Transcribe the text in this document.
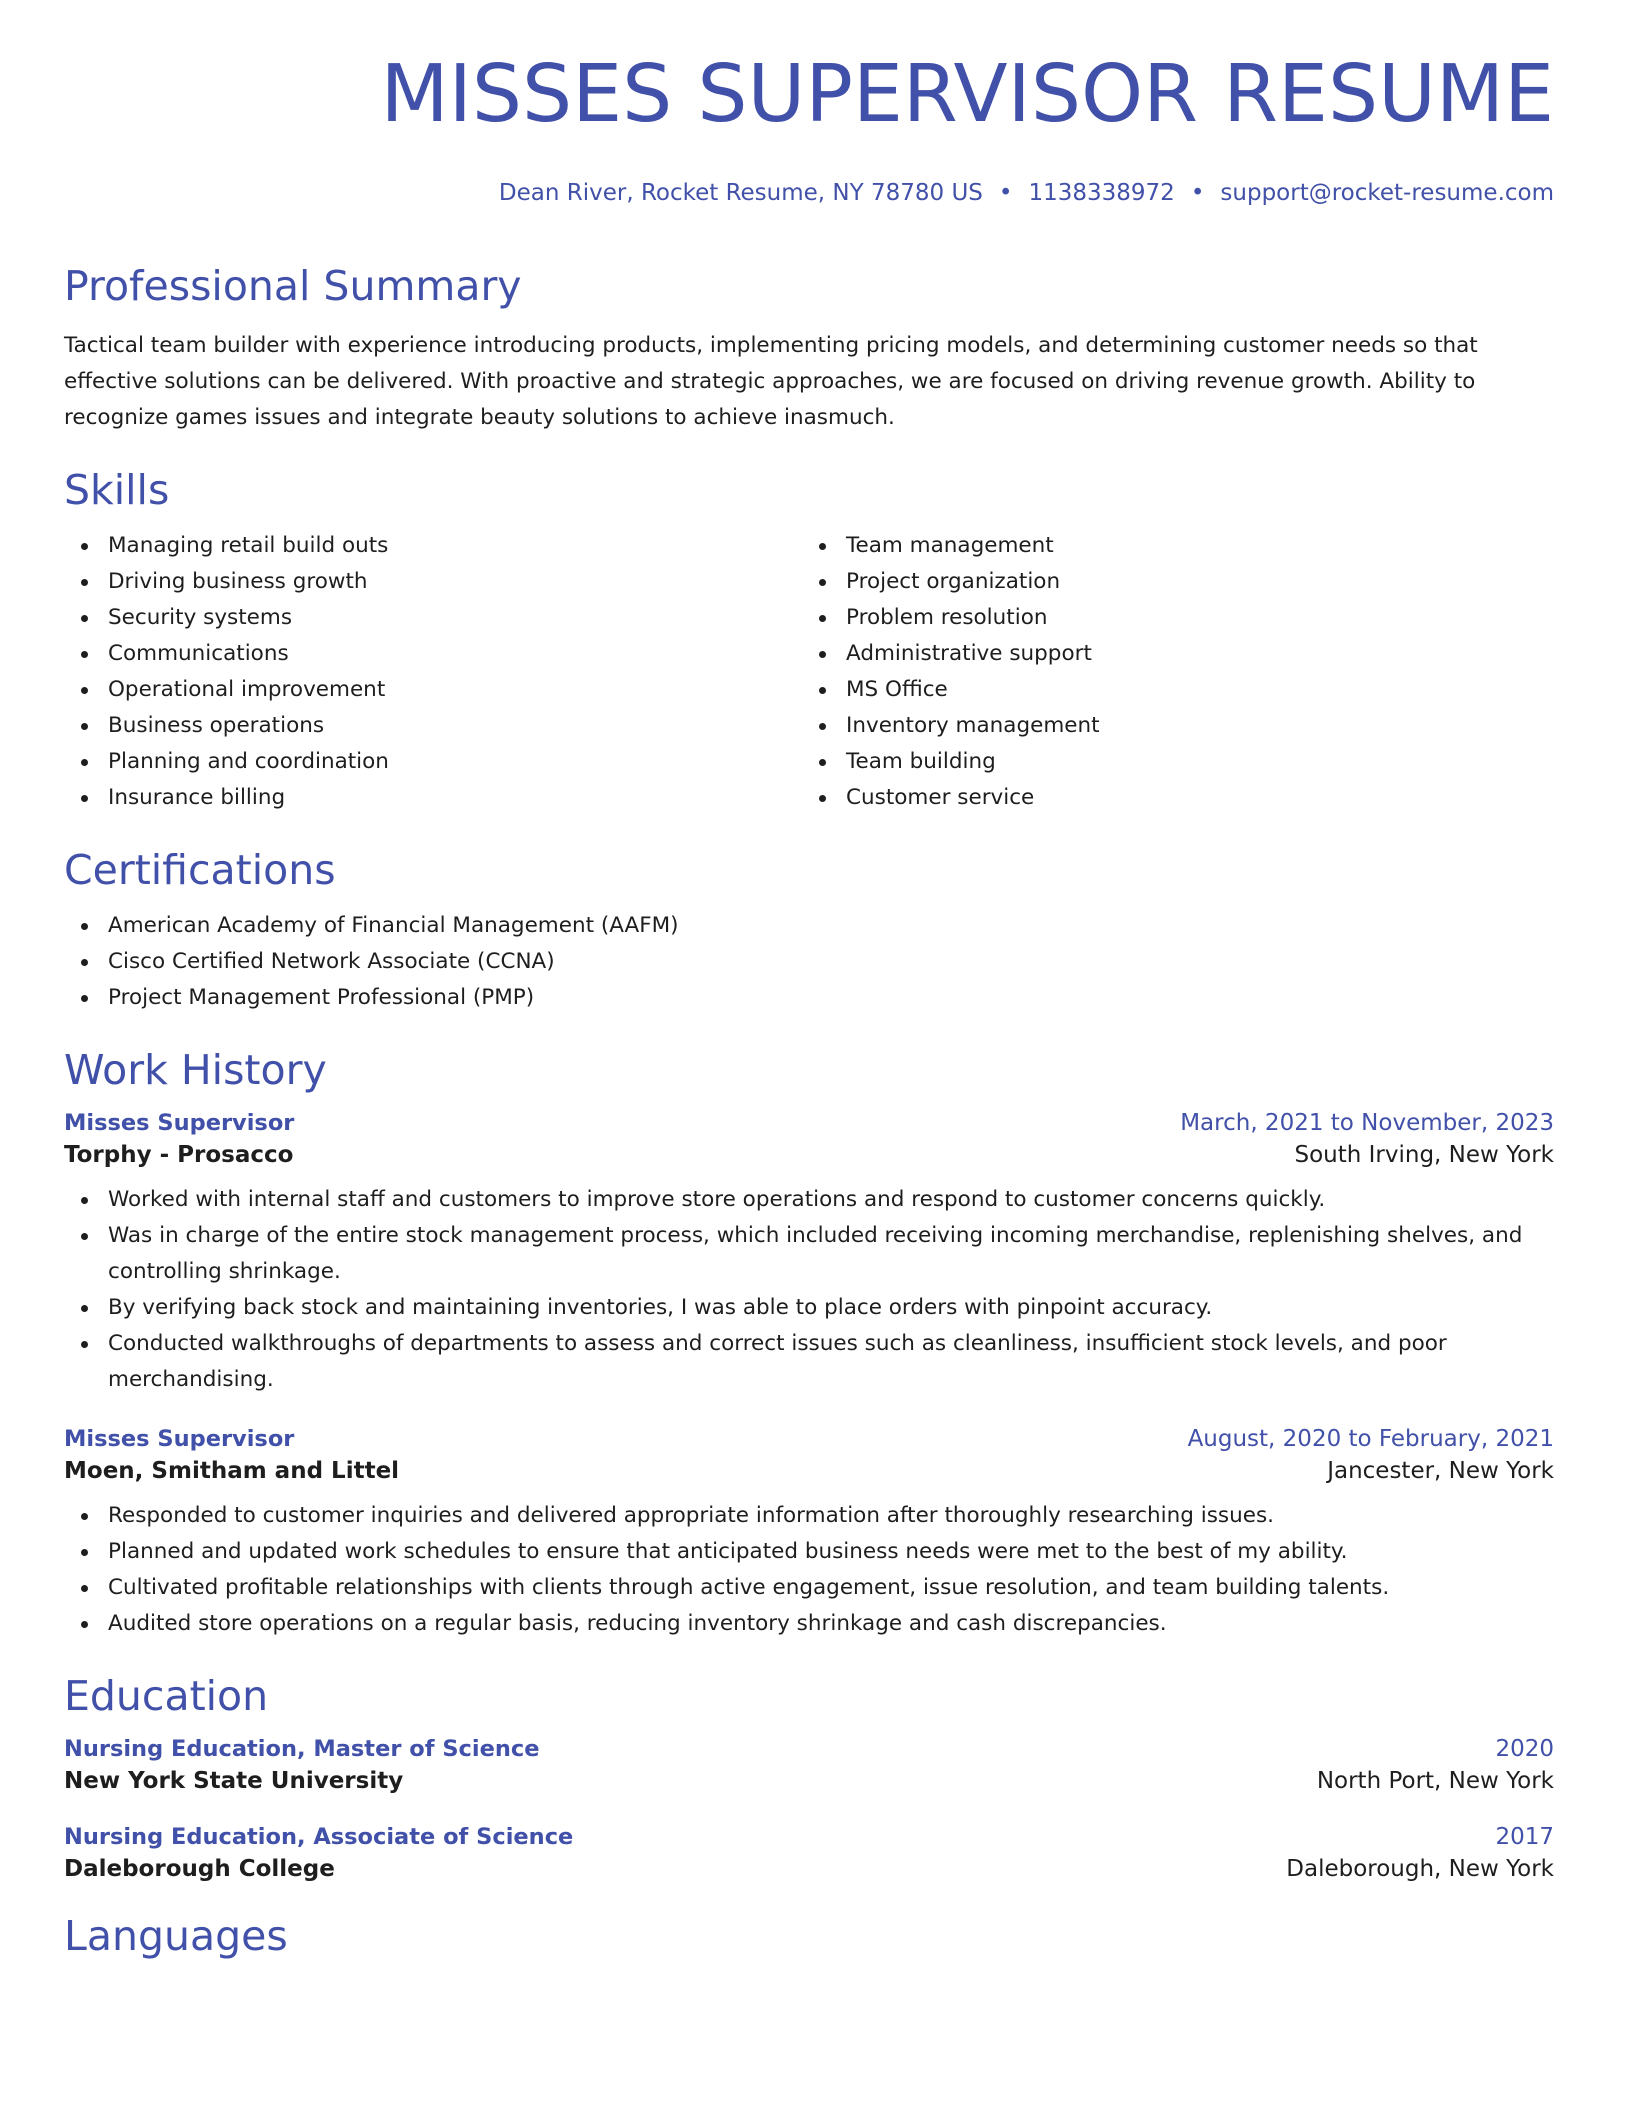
MISSES SUPERVISOR RESUME
Dean River, Rocket Resume, NY 78780 US • 1138338972 • support@rocket-resume.com
Professional Summary

Tactical team builder with experience introducing products, implementing pricing models, and determining customer needs so that effective solutions can be delivered. With proactive and strategic approaches, we are focused on driving revenue growth. Ability to recognize games issues and integrate beauty solutions to achieve inasmuch.

Skills
Managing retail build outs
Driving business growth
Security systems
Communications
Operational improvement
Business operations
Planning and coordination
Insurance billing
Team management
Project organization
Problem resolution
Administrative support
MS Office
Inventory management
Team building
Customer service
Certifications
American Academy of Financial Management (AAFM)
Cisco Certified Network Associate (CCNA)
Project Management Professional (PMP)
Work History
Misses Supervisor	March, 2021 to November, 2023
Torphy - Prosacco	South Irving, New York
Worked with internal staff and customers to improve store operations and respond to customer concerns quickly.
Was in charge of the entire stock management process, which included receiving incoming merchandise, replenishing shelves, and controlling shrinkage.
By verifying back stock and maintaining inventories, I was able to place orders with pinpoint accuracy.
Conducted walkthroughs of departments to assess and correct issues such as cleanliness, insufficient stock levels, and poor merchandising.
Misses Supervisor	August, 2020 to February, 2021
Moen, Smitham and Littel	Jancester, New York
Responded to customer inquiries and delivered appropriate information after thoroughly researching issues.
Planned and updated work schedules to ensure that anticipated business needs were met to the best of my ability.
Cultivated profitable relationships with clients through active engagement, issue resolution, and team building talents.
Audited store operations on a regular basis, reducing inventory shrinkage and cash discrepancies.
Education
Nursing Education, Master of Science	2020
New York State University	North Port, New York
Nursing Education, Associate of Science	2017
Daleborough College	Daleborough, New York
Languages
